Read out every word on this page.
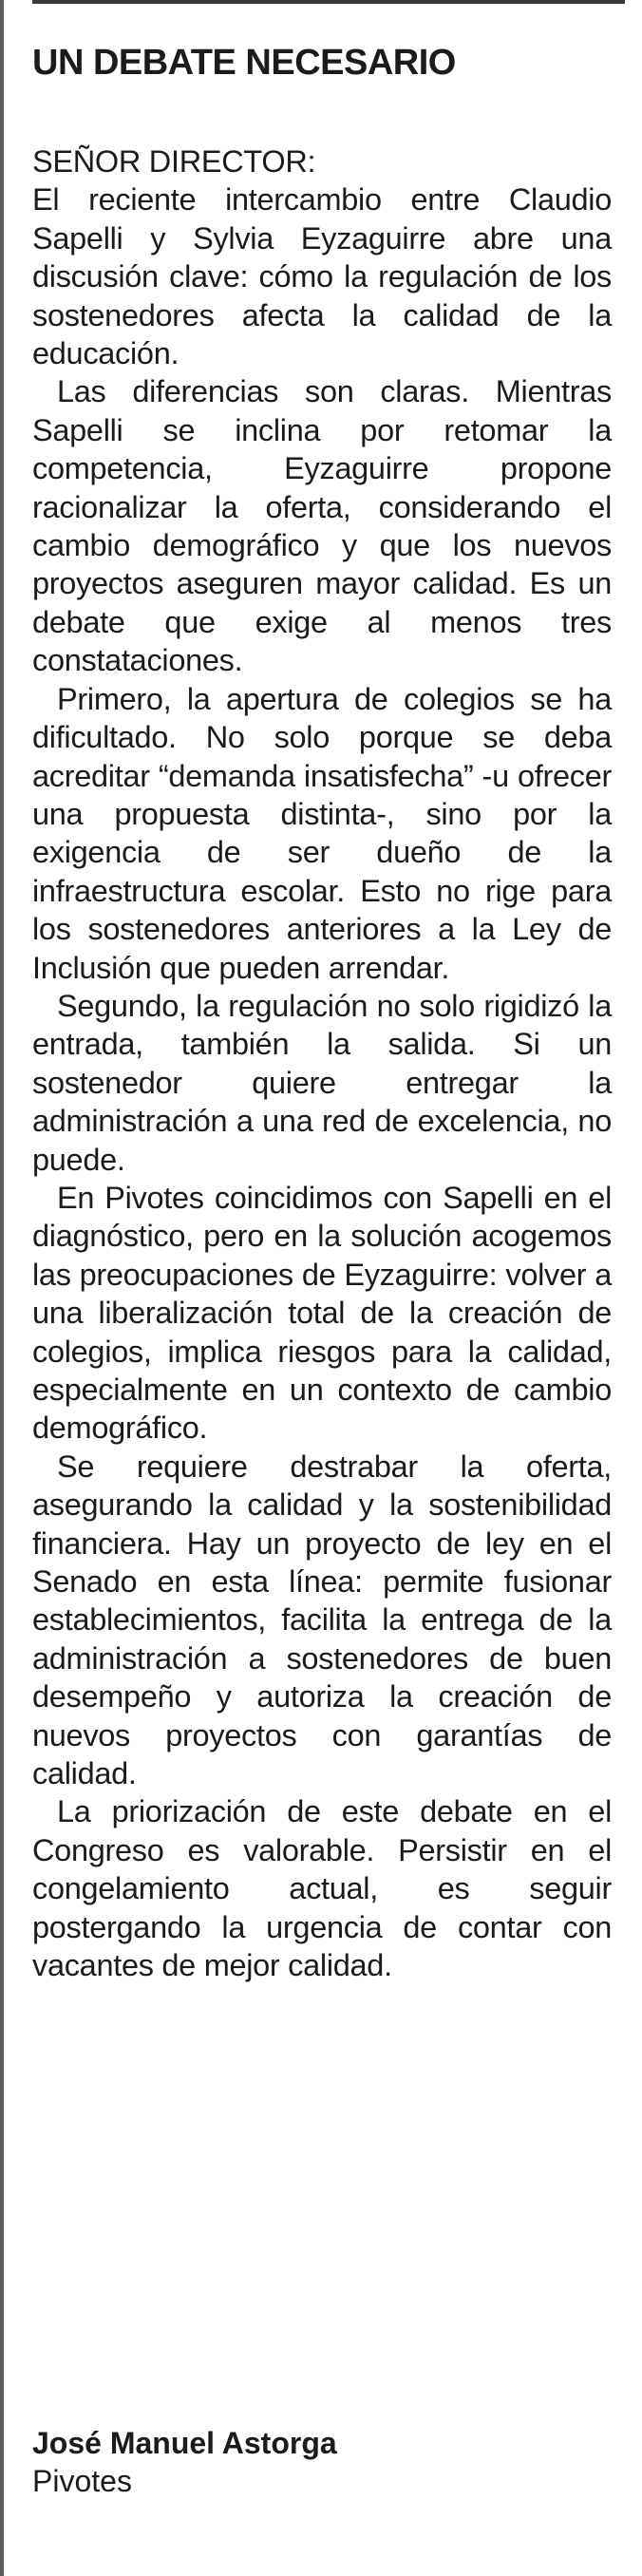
UN DEBATE NECESARIO

SEÑOR DIRECTOR:

El reciente intercambio entre Claudio Sapelli y Sylvia Eyzaguirre abre una discusión clave: cómo la regulación de los sostenedores afecta la calidad de la educación.

Las diferencias son claras. Mientras Sapelli se inclina por retomar la competencia, Eyzaguirre propone racionalizar la oferta, considerando el cambio demográfico y que los nuevos proyectos aseguren mayor calidad. Es un debate que exige al menos tres constataciones.

Primero, la apertura de colegios se ha dificultado. No solo porque se deba acreditar “demanda insatisfecha” -u ofrecer una propuesta distinta-, sino por la exigencia de ser dueño de la infraestructura escolar. Esto no rige para los sostenedores anteriores a la Ley de Inclusión que pueden arrendar.

Segundo, la regulación no solo rigidizó la entrada, también la salida. Si un sostenedor quiere entregar la administración a una red de excelencia, no puede.

En Pivotes coincidimos con Sapelli en el diagnóstico, pero en la solución acogemos las preocupaciones de Eyzaguirre: volver a una liberalización total de la creación de colegios, implica riesgos para la calidad, especialmente en un contexto de cambio demográfico.

Se requiere destrabar la oferta, asegurando la calidad y la sostenibilidad financiera. Hay un proyecto de ley en el Senado en esta línea: permite fusionar establecimientos, facilita la entrega de la administración a sostenedores de buen desempeño y autoriza la creación de nuevos proyectos con garantías de calidad.

La priorización de este debate en el Congreso es valorable. Persistir en el congelamiento actual, es seguir postergando la urgencia de contar con vacantes de mejor calidad.

José Manuel Astorga

Pivotes
